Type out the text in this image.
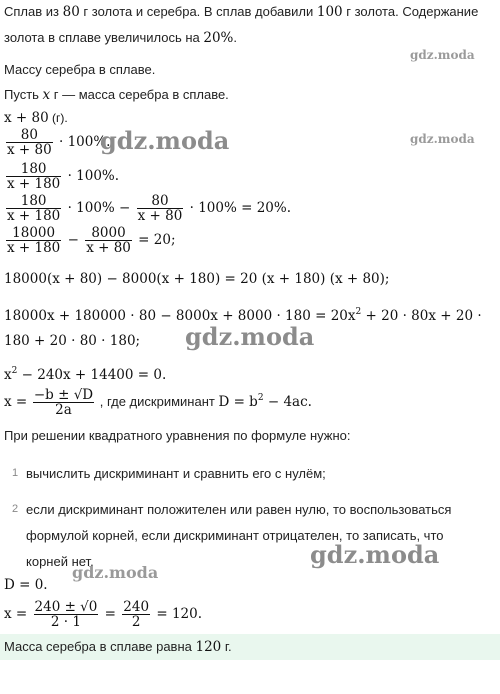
Сплав из 80 г золота и серебра. В сплав добавили 100 г золота. Содержание
золота в сплаве увеличилось на 20%.
Массу серебра в сплаве.
Пусть x г — масса серебра в сплаве.
x + 80 (г).
$\frac{80}{x + 80} \cdot 100\%$.
$\frac{180}{x + 180} \cdot 100\%$.
$\frac{180}{x + 180} \cdot 100\% - \frac{80}{x + 80} \cdot 100\% = 20\%$.
$\frac{18000}{x + 180} - \frac{8000}{x + 80} = 20$;
18000(x + 80) − 8000(x + 180) = 20 (x + 180) (x + 80);
$18000x + 180000 \cdot 80 - 8000x + 8000 \cdot 180 = 20x^2 + 20 \cdot 80x + 20$ ·
180 + 20 · 80 · 180;
$x^2 - 240x + 14400 = 0$.
$x = \frac{-b \pm √D}{2a}$ , где дискриминант $D = b^2 - 4ac$.
При решении квадратного уравнения по формуле нужно:
1 вычислить дискриминант и сравнить его с нулём;
2 если дискриминант положителен или равен нулю, то воспользоваться
формулой корней, если дискриминант отрицателен, то записать, что
корней нет.
D = 0.
$x = \frac{240 \pm √0}{2 \cdot 1} = \frac{240}{2} = 120$.
Масса серебра в сплаве равна 120 г.
gdz.moda
gdz.moda	gdz.moda
gdz.moda
gdz.moda
gdz.moda
